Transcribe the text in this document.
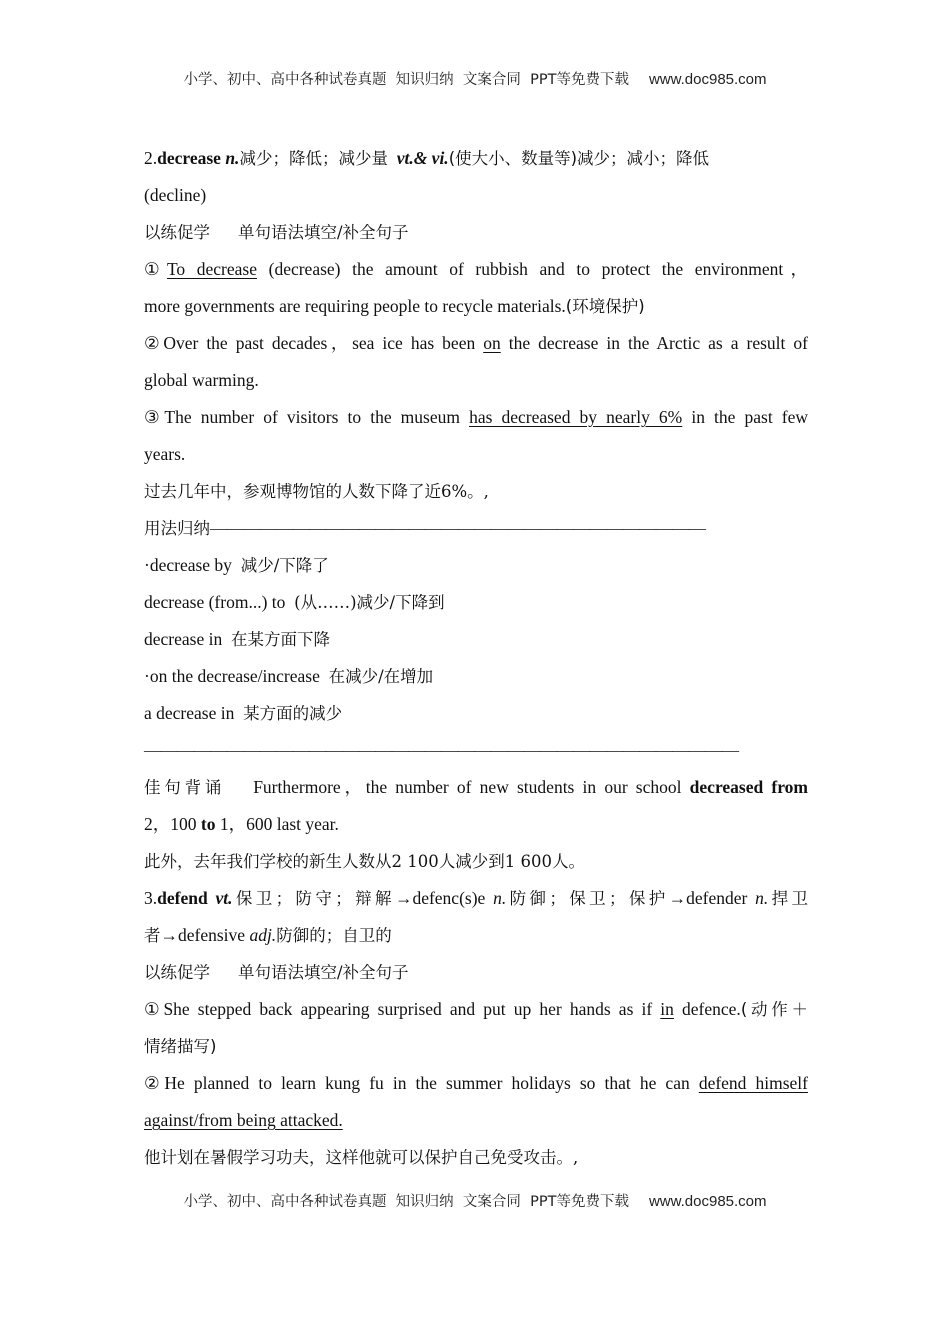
小学、初中、高中各种试卷真题  知识归纳  文案合同  PPT等免费下载 www.doc985.com
2.decrease n.减少；降低；减少量 vt.& vi.(使大小、数量等)减少；减小；降低
(decline)
以练促学 单句语法填空/补全句子
①To decrease (decrease) the amount of rubbish and to protect the environment，
more governments are requiring people to recycle materials.(环境保护)
②Over the past decades，sea ice has been on the decrease in the Arctic as a result of
global warming.
③The number of visitors to the museum has decreased by nearly 6% in the past few
years.
过去几年中，参观博物馆的人数下降了近6%。,
用法归纳——————————————————————————————
·decrease by 减少/下降了
decrease (from...) to (从……)减少/下降到
decrease in 在某方面下降
·on the decrease/increase 在减少/在增加
a decrease in 某方面的减少
————————————————————————————————————
佳句背诵 Furthermore，the number of new students in our school decreased from
2，100 to 1，600 last year.
此外，去年我们学校的新生人数从2 100人减少到1 600人。
3.defend vt.保卫；防守；辩解→defenc(s)e n.防御；保卫；保护→defender n.捍卫
者→defensive adj.防御的；自卫的
以练促学 单句语法填空/补全句子
①She stepped back appearing surprised and put up her hands as if in defence.(动作＋
情绪描写)
②He planned to learn kung fu in the summer holidays so that he can defend himself
against/from being attacked.
他计划在暑假学习功夫，这样他就可以保护自己免受攻击。,
小学、初中、高中各种试卷真题  知识归纳  文案合同  PPT等免费下载 www.doc985.com
